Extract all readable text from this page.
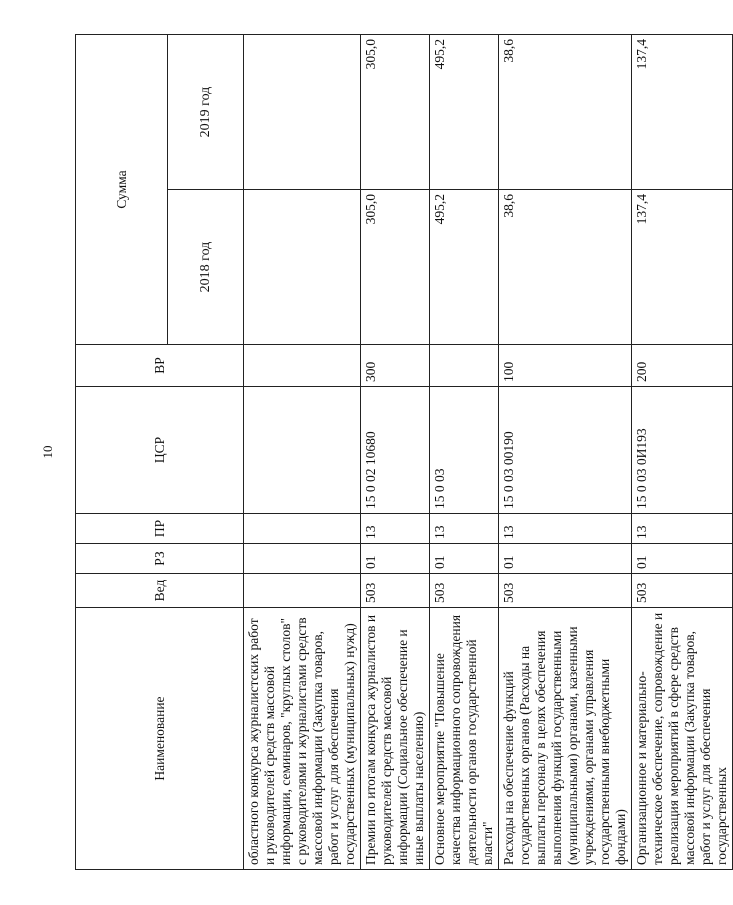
10
Наименование	Вед	РЗ	ПР	ЦСР	ВР	Сумма	
						2018 год	2019 год
областного конкурса журналистских работ и руководителей средств массовой информации, семинаров, "круглых столов" с руководителями и журналистами средств массовой информации (Закупка товаров, работ и услуг для обеспечения государственных (муниципальных) нужд)							
Премии по итогам конкурса журналистов и руководителей средств массовой информации (Социальное обеспечение и иные выплаты населению)	503	01	13	15 0 02 10680	300	305,0	305,0
Основное мероприятие "Повышение качества информационного сопровождения деятельности органов государственной власти"	503	01	13	15 0 03		495,2	495,2
Расходы на обеспечение функций государственных органов (Расходы на выплаты персоналу в целях обеспечения выполнения функций государственными (муниципальными) органами, казенными учреждениями, органами управления государственными внебюджетными фондами)	503	01	13	15 0 03 00190	100	38,6	38,6
Организационное и материально-техническое обеспечение, сопровождение и реализация мероприятий в сфере средств массовой информации (Закупка товаров, работ и услуг для обеспечения государственных	503	01	13	15 0 03 0И193	200	137,4	137,4
